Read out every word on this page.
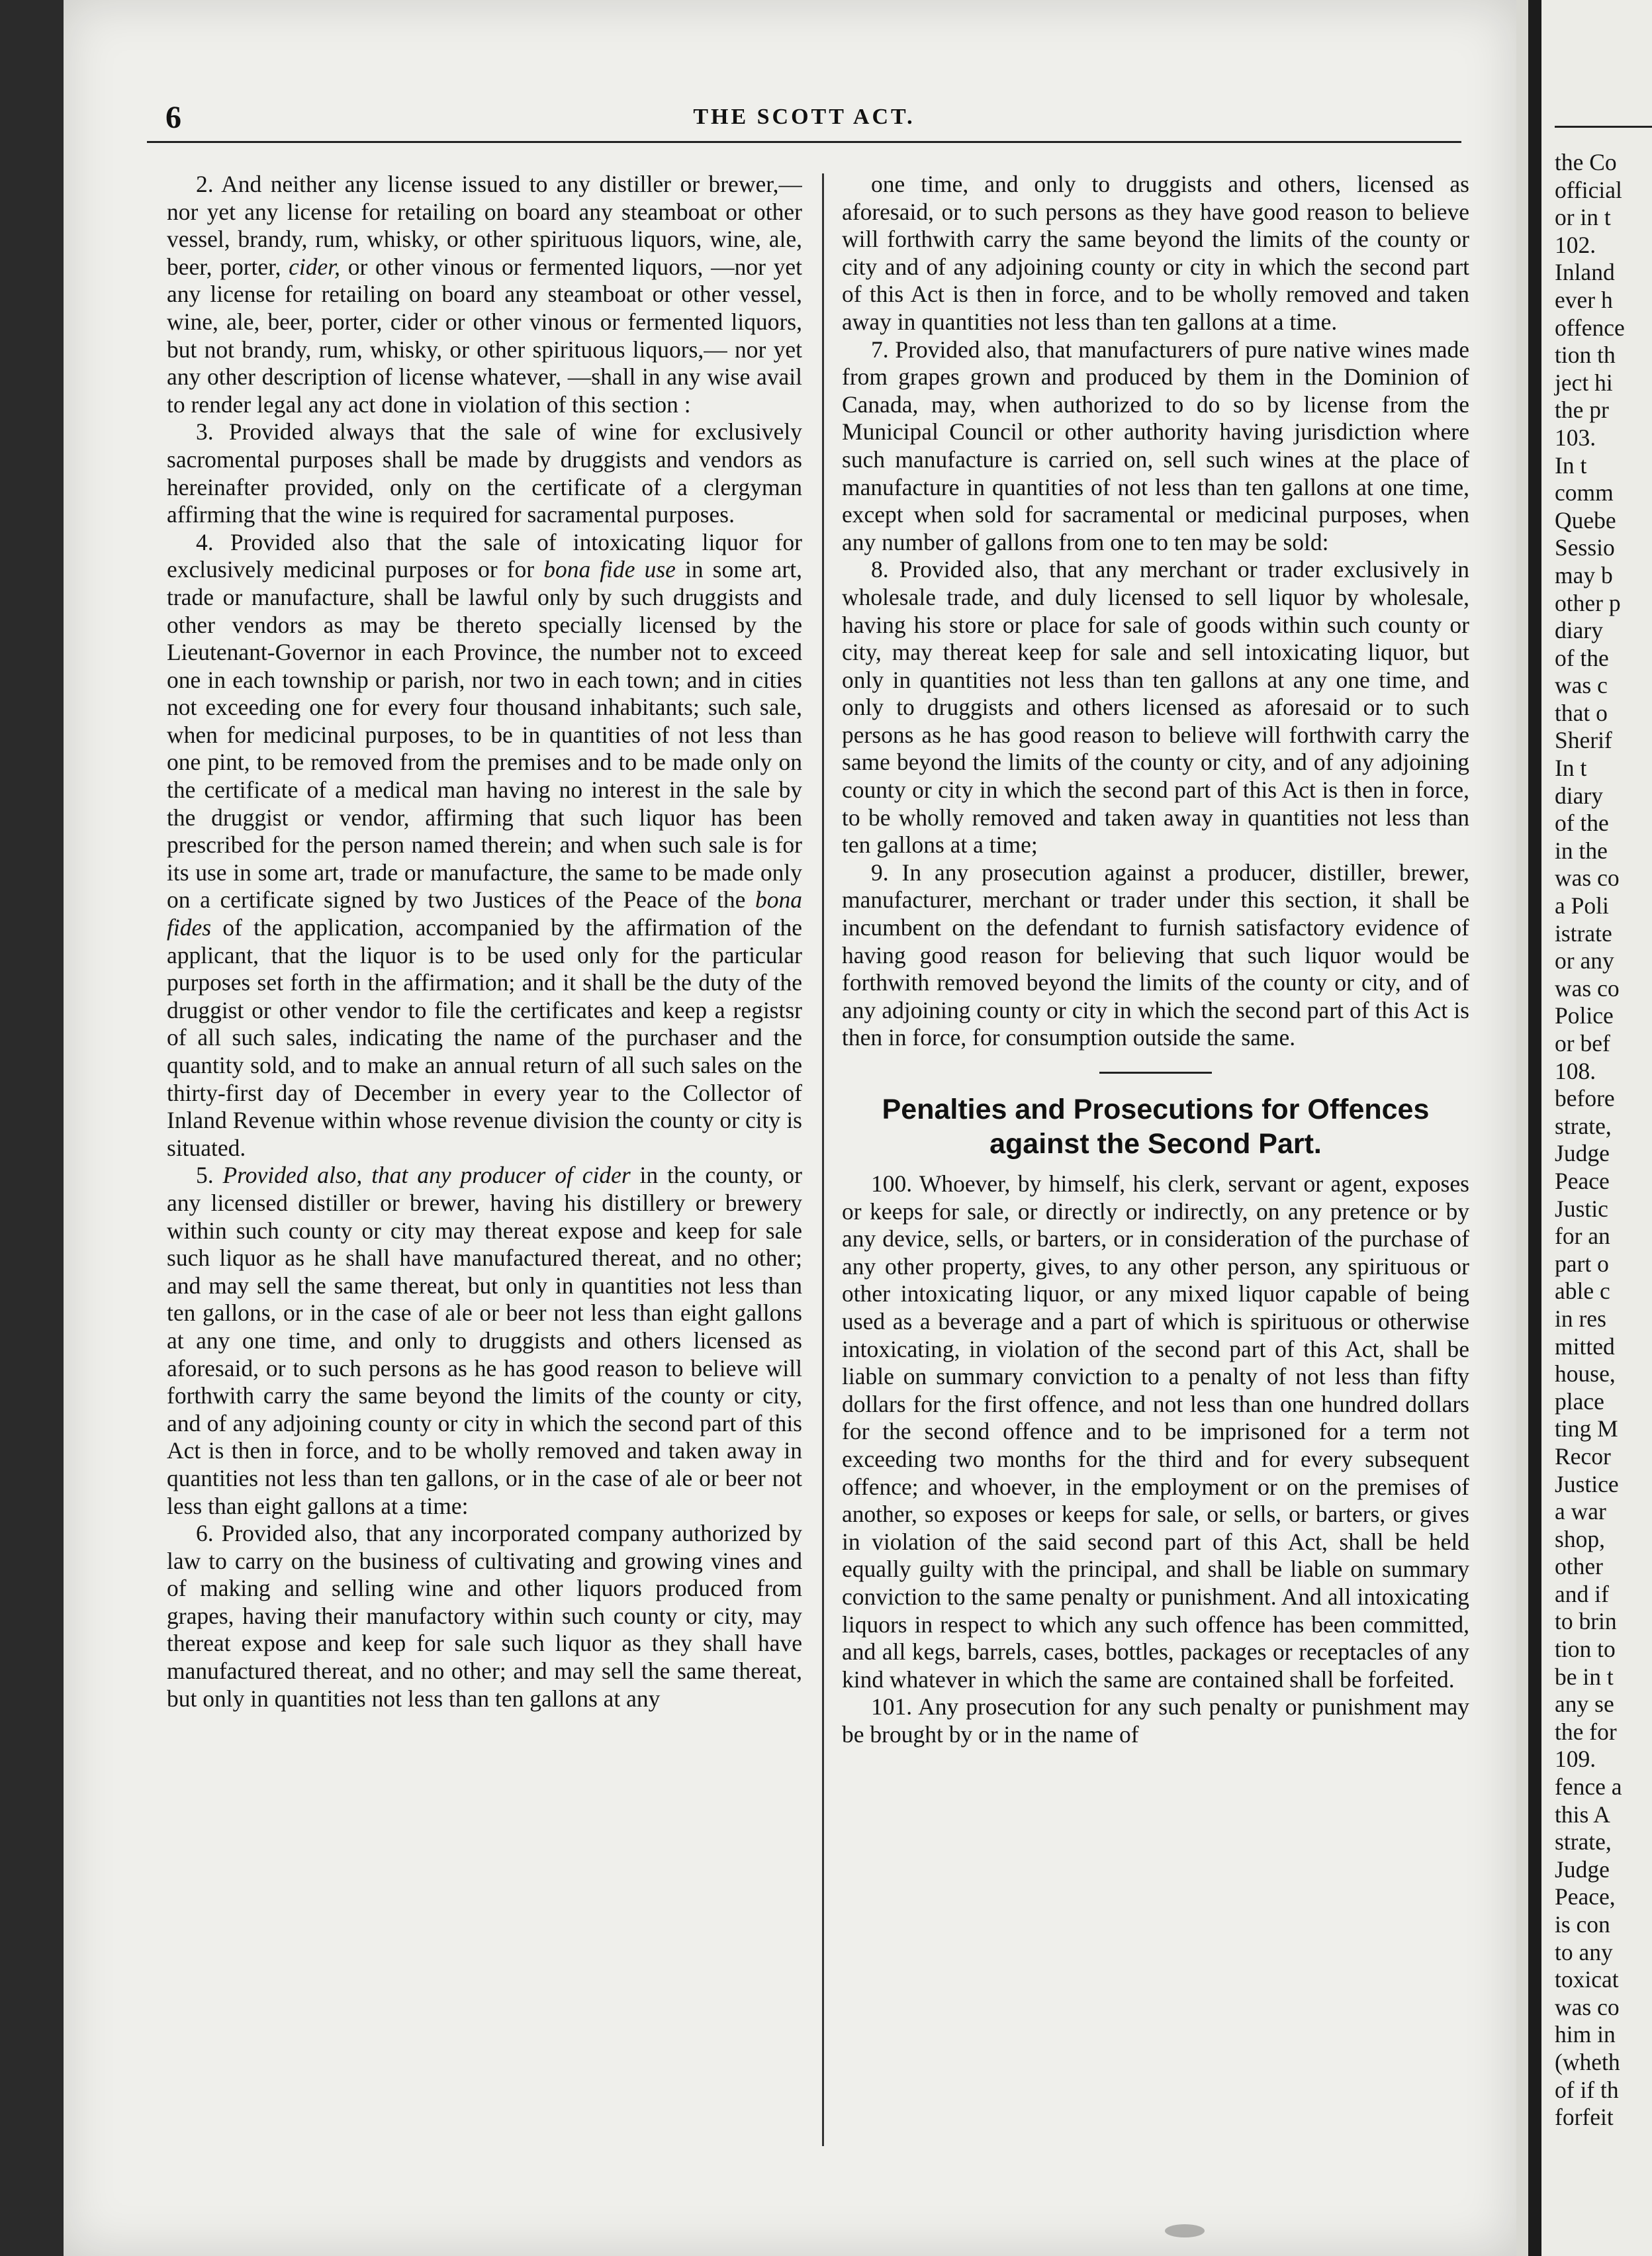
the Co
official
or in t
102.
Inland
ever h
offence
tion th
ject hi
the pr
103.
In t
comm
Quebe
Sessio
may b
other p
diary
of the
was c
that o
Sherif
In t
diary
of the
in the
was co
a Poli
istrate
or any
was co
Police
or bef
108.
before
strate,
Judge
Peace
Justic
for an
part o
able c
in res
mitted
house,
place
ting M
Recor
Justice
a war
shop,
other
and if
to brin
tion to
be in t
any se
the for
109.
fence a
this A
strate,
Judge
Peace,
is con
to any
toxicat
was co
him in
(wheth
of if th
forfeit
6	THE SCOTT ACT.

2. And neither any license issued to any distiller or brewer,—nor yet any license for retailing on board any steamboat or other vessel, brandy, rum, whisky, or other spirituous liquors, wine, ale, beer, porter, cider, or other vinous or fermented liquors, —nor yet any license for retailing on board any steamboat or other vessel, wine, ale, beer, porter, cider or other vinous or fermented liquors, but not brandy, rum, whisky, or other spirituous liquors,— nor yet any other description of license whatever, —shall in any wise avail to render legal any act done in violation of this section :

3. Provided always that the sale of wine for exclusively sacromental purposes shall be made by druggists and vendors as hereinafter provided, only on the certificate of a clergyman affirming that the wine is required for sacramental purposes.

4. Provided also that the sale of intoxicating liquor for exclusively medicinal purposes or for bona fide use in some art, trade or manufacture, shall be lawful only by such druggists and other vendors as may be thereto specially licensed by the Lieutenant-Governor in each Province, the number not to exceed one in each township or parish, nor two in each town; and in cities not exceeding one for every four thousand inhabitants; such sale, when for medicinal purposes, to be in quantities of not less than one pint, to be removed from the premises and to be made only on the certificate of a medical man having no interest in the sale by the druggist or vendor, affirming that such liquor has been prescribed for the person named therein; and when such sale is for its use in some art, trade or manufacture, the same to be made only on a certificate signed by two Justices of the Peace of the bona fides of the application, accompanied by the affirmation of the applicant, that the liquor is to be used only for the particular purposes set forth in the affirmation; and it shall be the duty of the druggist or other vendor to file the certificates and keep a registsr of all such sales, indicating the name of the purchaser and the quantity sold, and to make an annual return of all such sales on the thirty-first day of December in every year to the Collector of Inland Revenue within whose revenue division the county or city is situated.

5. Provided also, that any producer of cider in the county, or any licensed distiller or brewer, having his distillery or brewery within such county or city may thereat expose and keep for sale such liquor as he shall have manufactured thereat, and no other; and may sell the same thereat, but only in quantities not less than ten gallons, or in the case of ale or beer not less than eight gallons at any one time, and only to druggists and others licensed as aforesaid, or to such persons as he has good reason to believe will forthwith carry the same beyond the limits of the county or city, and of any adjoining county or city in which the second part of this Act is then in force, and to be wholly removed and taken away in quantities not less than ten gallons, or in the case of ale or beer not less than eight gallons at a time:

6. Provided also, that any incorporated company authorized by law to carry on the business of cultivating and growing vines and of making and selling wine and other liquors produced from grapes, having their manufactory within such county or city, may thereat expose and keep for sale such liquor as they shall have manufactured thereat, and no other; and may sell the same thereat, but only in quantities not less than ten gallons at any

one time, and only to druggists and others, licensed as aforesaid, or to such persons as they have good reason to believe will forthwith carry the same beyond the limits of the county or city and of any adjoining county or city in which the second part of this Act is then in force, and to be wholly removed and taken away in quantities not less than ten gallons at a time.

7. Provided also, that manufacturers of pure native wines made from grapes grown and produced by them in the Dominion of Canada, may, when authorized to do so by license from the Municipal Council or other authority having jurisdiction where such manufacture is carried on, sell such wines at the place of manufacture in quantities of not less than ten gallons at one time, except when sold for sacramental or medicinal purposes, when any number of gallons from one to ten may be sold:

8. Provided also, that any merchant or trader exclusively in wholesale trade, and duly licensed to sell liquor by wholesale, having his store or place for sale of goods within such county or city, may thereat keep for sale and sell intoxicating liquor, but only in quantities not less than ten gallons at any one time, and only to druggists and others licensed as aforesaid or to such persons as he has good reason to believe will forthwith carry the same beyond the limits of the county or city, and of any adjoining county or city in which the second part of this Act is then in force, to be wholly removed and taken away in quantities not less than ten gallons at a time;

9. In any prosecution against a producer, distiller, brewer, manufacturer, merchant or trader under this section, it shall be incumbent on the defendant to furnish satisfactory evidence of having good reason for believing that such liquor would be forthwith removed beyond the limits of the county or city, and of any adjoining county or city in which the second part of this Act is then in force, for consumption outside the same.

Penalties and Prosecutions for Offences against the Second Part.

100. Whoever, by himself, his clerk, servant or agent, exposes or keeps for sale, or directly or indirectly, on any pretence or by any device, sells, or barters, or in consideration of the purchase of any other property, gives, to any other person, any spirituous or other intoxicating liquor, or any mixed liquor capable of being used as a beverage and a part of which is spirituous or otherwise intoxicating, in violation of the second part of this Act, shall be liable on summary conviction to a penalty of not less than fifty dollars for the first offence, and not less than one hundred dollars for the second offence and to be imprisoned for a term not exceeding two months for the third and for every subsequent offence; and whoever, in the employment or on the premises of another, so exposes or keeps for sale, or sells, or barters, or gives in violation of the said second part of this Act, shall be held equally guilty with the principal, and shall be liable on summary conviction to the same penalty or punishment. And all intoxicating liquors in respect to which any such offence has been committed, and all kegs, barrels, cases, bottles, packages or receptacles of any kind whatever in which the same are contained shall be forfeited.

101. Any prosecution for any such penalty or punishment may be brought by or in the name of
